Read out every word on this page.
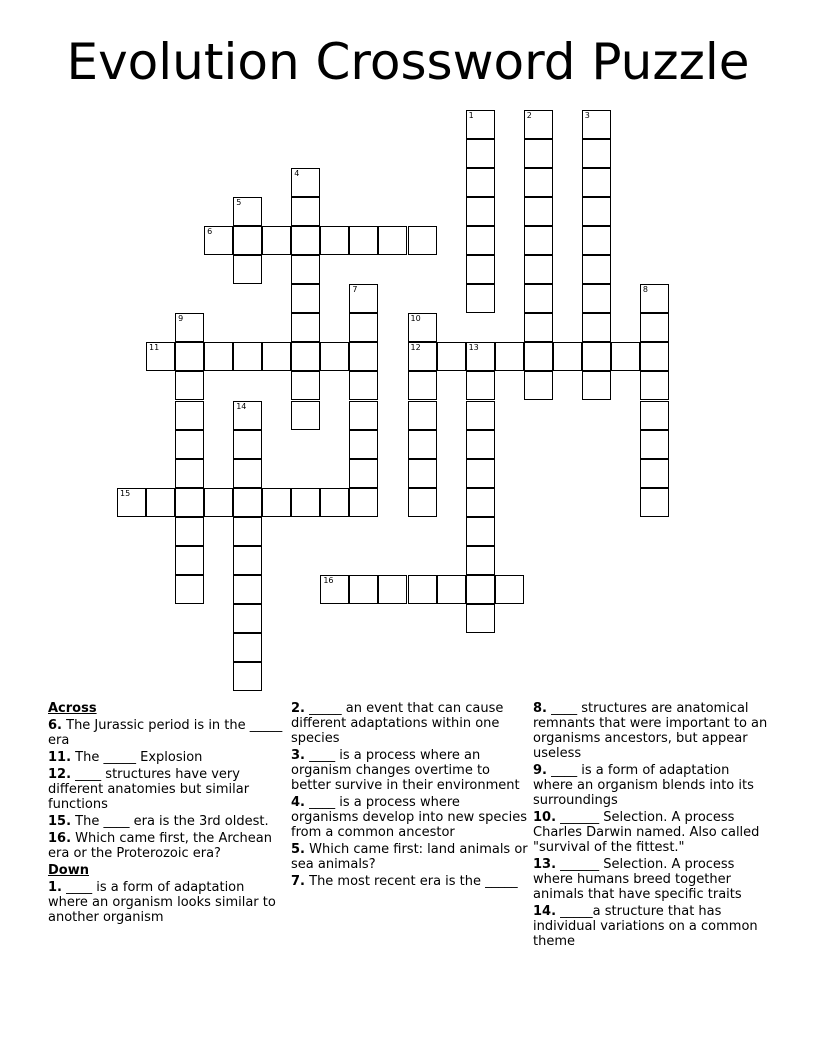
Evolution Crossword Puzzle
1	2	3
4
5
6
7	8
9	10
12
11	13
14
15
16
Across
6. The Jurassic period is in the _____ era
11. The _____ Explosion
12. ____ structures have very different anatomies but similar functions
15. The ____ era is the 3rd oldest.
16. Which came first, the Archean era or the Proterozoic era?
Down
1. ____ is a form of adaptation where an organism looks similar to another organism
2. _____ an event that can cause different adaptations within one species
3. ____ is a process where an organism changes overtime to better survive in their environment
4. ____ is a process where organisms develop into new species from a common ancestor
5. Which came first: land animals or sea animals?
7. The most recent era is the _____
8. ____ structures are anatomical remnants that were important to an organisms ancestors, but appear useless
9. ____ is a form of adaptation where an organism blends into its surroundings
10. ______ Selection. A process Charles Darwin named. Also called "survival of the fittest."
13. ______ Selection. A process where humans breed together animals that have specific traits
14. _____a structure that has individual variations on a common theme
